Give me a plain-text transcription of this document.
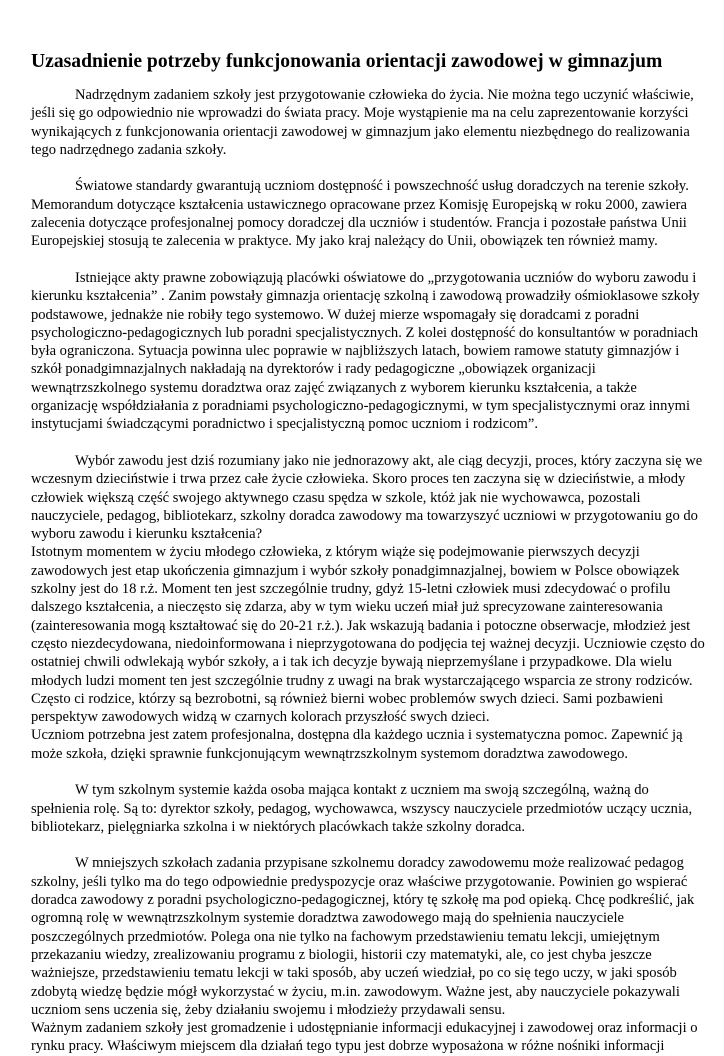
Uzasadnienie potrzeby funkcjonowania orientacji zawodowej w gimnazjum

Nadrzędnym zadaniem szkoły jest przygotowanie człowieka do życia. Nie można tego uczynić właściwie, jeśli się go odpowiednio nie wprowadzi do świata pracy. Moje wystąpienie ma na celu zaprezentowanie korzyści wynikających z funkcjonowania orientacji zawodowej w gimnazjum jako elementu niezbędnego do realizowania tego nadrzędnego zadania szkoły.

Światowe standardy gwarantują uczniom dostępność i powszechność usług doradczych na terenie szkoły. Memorandum dotyczące kształcenia ustawicznego opracowane przez Komisję Europejską w roku 2000, zawiera zalecenia dotyczące profesjonalnej pomocy doradczej dla uczniów i studentów. Francja i pozostałe państwa Unii Europejskiej stosują te zalecenia w praktyce. My jako kraj należący do Unii, obowiązek ten również mamy.

Istniejące akty prawne zobowiązują placówki oświatowe do „przygotowania uczniów do wyboru zawodu i kierunku kształcenia” . Zanim powstały gimnazja orientację szkolną i zawodową prowadziły ośmioklasowe szkoły podstawowe, jednakże nie robiły tego systemowo. W dużej mierze wspomagały się doradcami z poradni psychologiczno-pedagogicznych lub poradni specjalistycznych. Z kolei dostępność do konsultantów w poradniach była ograniczona. Sytuacja powinna ulec poprawie w najbliższych latach, bowiem ramowe statuty gimnazjów i szkół ponadgimnazjalnych nakładają na dyrektorów i rady pedagogiczne „obowiązek organizacji wewnątrzszkolnego systemu doradztwa oraz zajęć związanych z wyborem kierunku kształcenia, a także organizację współdziałania z poradniami psychologiczno-pedagogicznymi, w tym specjalistycznymi oraz innymi instytucjami świadczącymi poradnictwo i specjalistyczną pomoc uczniom i rodzicom”.

Wybór zawodu jest dziś rozumiany jako nie jednorazowy akt, ale ciąg decyzji, proces, który zaczyna się we wczesnym dzieciństwie i trwa przez całe życie człowieka. Skoro proces ten zaczyna się w dzieciństwie, a młody człowiek większą część swojego aktywnego czasu spędza w szkole, któż jak nie wychowawca, pozostali nauczyciele, pedagog, bibliotekarz, szkolny doradca zawodowy ma towarzyszyć uczniowi w przygotowaniu go do wyboru zawodu i kierunku kształcenia?

Istotnym momentem w życiu młodego człowieka, z którym wiąże się podejmowanie pierwszych decyzji zawodowych jest etap ukończenia gimnazjum i wybór szkoły ponadgimnazjalnej, bowiem w Polsce obowiązek szkolny jest do 18 r.ż. Moment ten jest szczególnie trudny, gdyż 15-letni człowiek musi zdecydować o profilu dalszego kształcenia, a nieczęsto się zdarza, aby w tym wieku uczeń miał już sprecyzowane zainteresowania (zainteresowania mogą kształtować się do 20-21 r.ż.). Jak wskazują badania i potoczne obserwacje, młodzież jest często niezdecydowana, niedoinformowana i nieprzygotowana do podjęcia tej ważnej decyzji. Uczniowie często do ostatniej chwili odwlekają wybór szkoły, a i tak ich decyzje bywają nieprzemyślane i przypadkowe. Dla wielu młodych ludzi moment ten jest szczególnie trudny z uwagi na brak wystarczającego wsparcia ze strony rodziców. Często ci rodzice, którzy są bezrobotni, są również bierni wobec problemów swych dzieci. Sami pozbawieni perspektyw zawodowych widzą w czarnych kolorach przyszłość swych dzieci.

Uczniom potrzebna jest zatem profesjonalna, dostępna dla każdego ucznia i systematyczna pomoc. Zapewnić ją może szkoła, dzięki sprawnie funkcjonującym wewnątrzszkolnym systemom doradztwa zawodowego.

W tym szkolnym systemie każda osoba mająca kontakt z uczniem ma swoją szczególną, ważną do spełnienia rolę. Są to: dyrektor szkoły, pedagog, wychowawca, wszyscy nauczyciele przedmiotów uczący ucznia, bibliotekarz, pielęgniarka szkolna i w niektórych placówkach także szkolny doradca.

W mniejszych szkołach zadania przypisane szkolnemu doradcy zawodowemu może realizować pedagog szkolny, jeśli tylko ma do tego odpowiednie predyspozycje oraz właściwe przygotowanie. Powinien go wspierać doradca zawodowy z poradni psychologiczno-pedagogicznej, który tę szkołę ma pod opieką. Chcę podkreślić, jak ogromną rolę w wewnątrzszkolnym systemie doradztwa zawodowego mają do spełnienia nauczyciele poszczególnych przedmiotów. Polega ona nie tylko na fachowym przedstawieniu tematu lekcji, umiejętnym przekazaniu wiedzy, zrealizowaniu programu z biologii, historii czy matematyki, ale, co jest chyba jeszcze ważniejsze, przedstawieniu tematu lekcji w taki sposób, aby uczeń wiedział, po co się tego uczy, w jaki sposób zdobytą wiedzę będzie mógł wykorzystać w życiu, m.in. zawodowym. Ważne jest, aby nauczyciele pokazywali uczniom sens uczenia się, żeby działaniu swojemu i młodzieży przydawali sensu.

Ważnym zadaniem szkoły jest gromadzenie i udostępnianie informacji edukacyjnej i zawodowej oraz informacji o rynku pracy. Właściwym miejscem dla działań tego typu jest dobrze wyposażona w różne nośniki informacji
